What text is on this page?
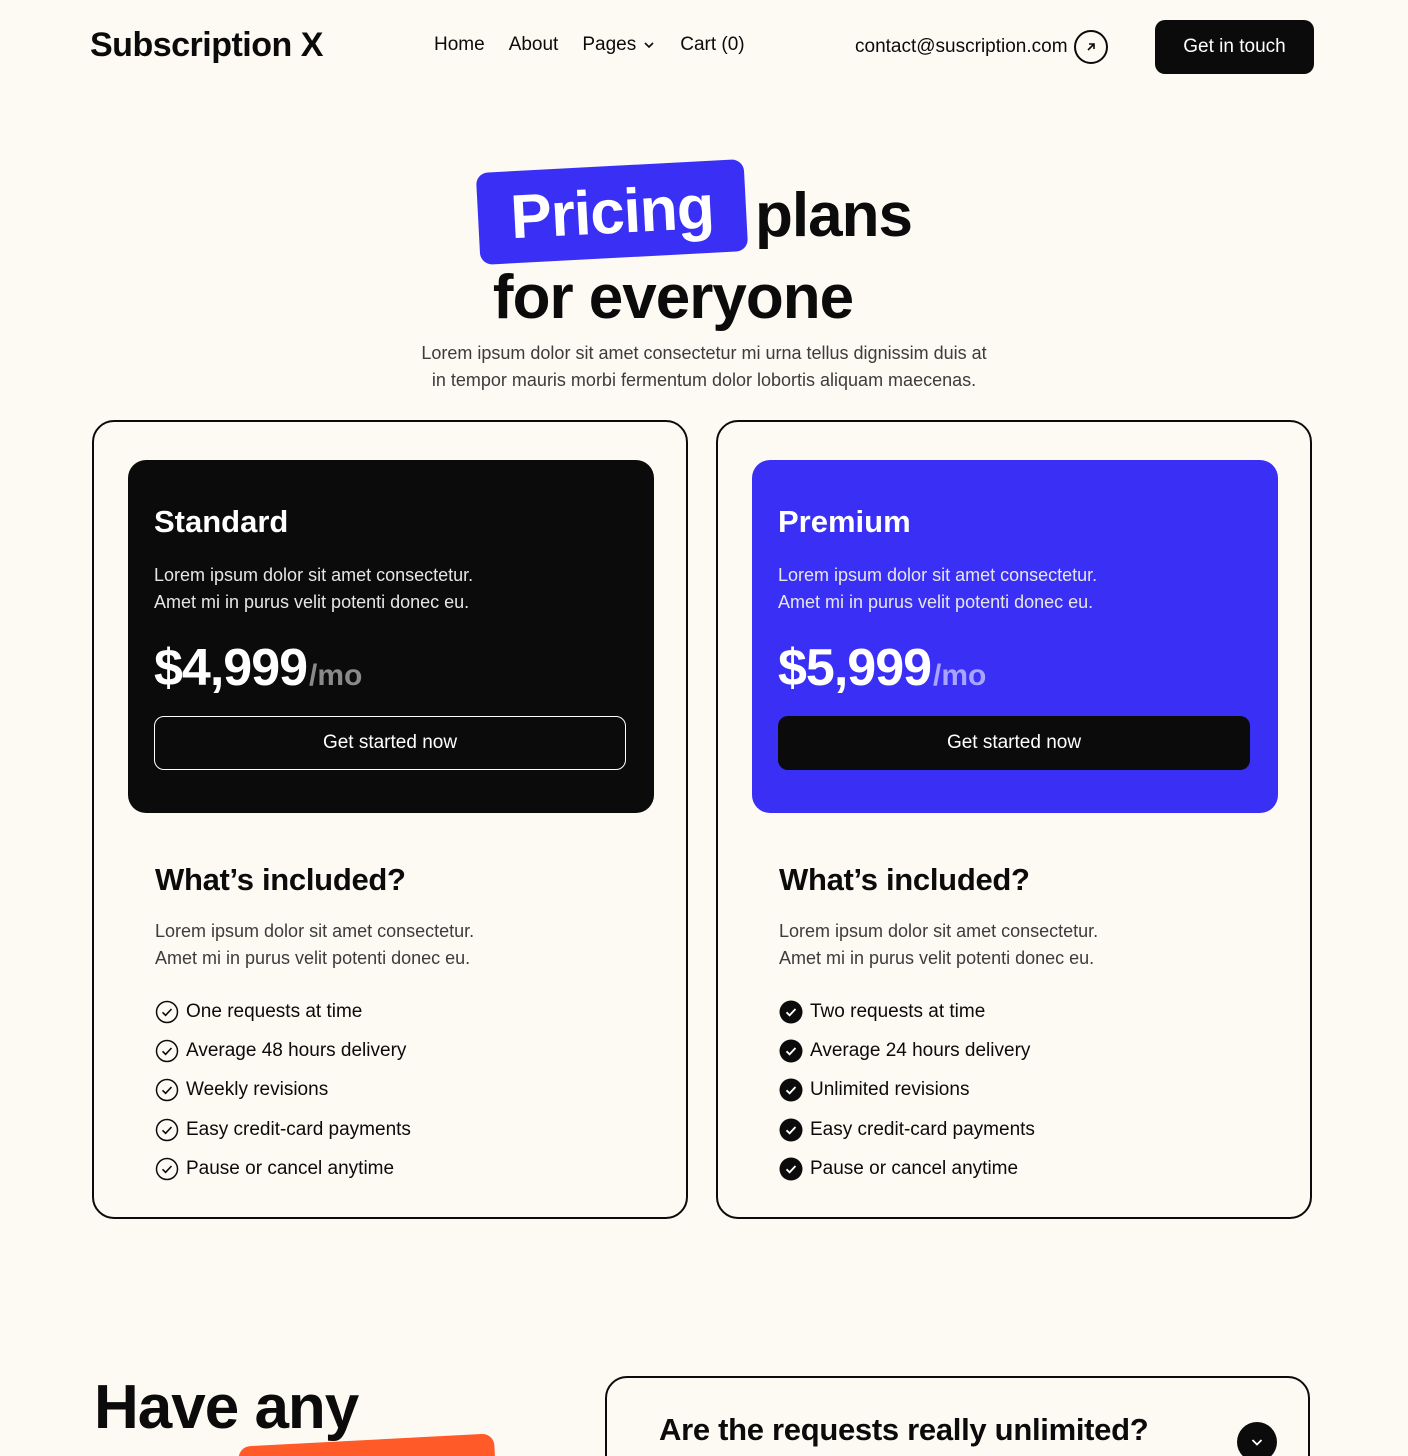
Subscription X	Home About Pages Cart (0)	contact@suscription.com	Get in touch
Pricing plans
for everyone
Lorem ipsum dolor sit amet consectetur mi urna tellus dignissim duis at
in tempor mauris morbi fermentum dolor lobortis aliquam maecenas.
Standard
Lorem ipsum dolor sit amet consectetur.
Amet mi in purus velit potenti donec eu.
$4,999 /mo
Get started now
What’s included?
Lorem ipsum dolor sit amet consectetur.
Amet mi in purus velit potenti donec eu.
One requests at time
Average 48 hours delivery
Weekly revisions
Easy credit-card payments
Pause or cancel anytime
Premium
Lorem ipsum dolor sit amet consectetur.
Amet mi in purus velit potenti donec eu.
$5,999 /mo
Get started now
What’s included?
Lorem ipsum dolor sit amet consectetur.
Amet mi in purus velit potenti donec eu.
Two requests at time
Average 24 hours delivery
Unlimited revisions
Easy credit-card payments
Pause or cancel anytime
Have any	Are the requests really unlimited?
